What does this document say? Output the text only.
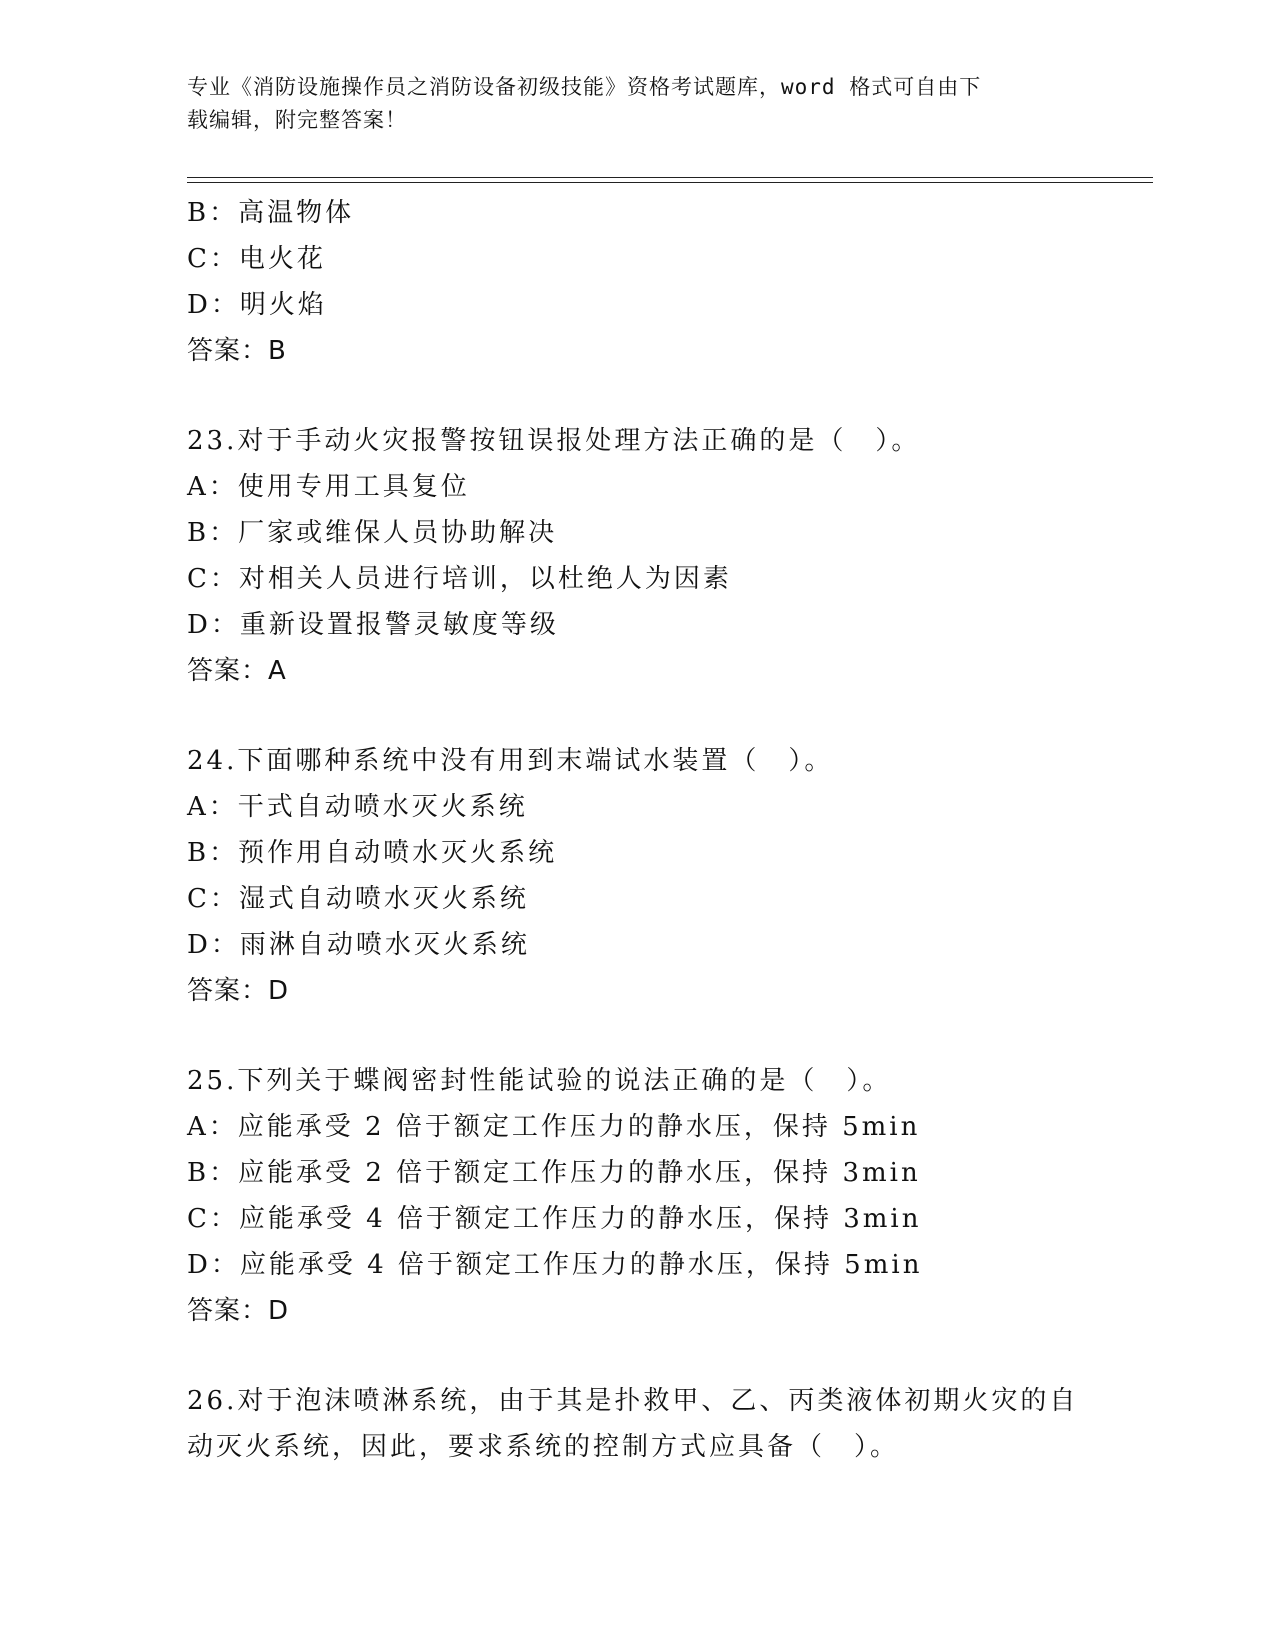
专业《消防设施操作员之消防设备初级技能》资格考试题库，word 格式可自由下
载编辑，附完整答案！
B：高温物体
C：电火花
D：明火焰
答案：B
23.对于手动火灾报警按钮误报处理方法正确的是（　）。
A：使用专用工具复位
B：厂家或维保人员协助解决
C：对相关人员进行培训，以杜绝人为因素
D：重新设置报警灵敏度等级
答案：A
24.下面哪种系统中没有用到末端试水装置（　）。
A：干式自动喷水灭火系统
B：预作用自动喷水灭火系统
C：湿式自动喷水灭火系统
D：雨淋自动喷水灭火系统
答案：D
25.下列关于蝶阀密封性能试验的说法正确的是（　）。
A：应能承受 2 倍于额定工作压力的静水压，保持 5min
B：应能承受 2 倍于额定工作压力的静水压，保持 3min
C：应能承受 4 倍于额定工作压力的静水压，保持 3min
D：应能承受 4 倍于额定工作压力的静水压，保持 5min
答案：D
26.对于泡沫喷淋系统，由于其是扑救甲、乙、丙类液体初期火灾的自
动灭火系统，因此，要求系统的控制方式应具备（　）。
